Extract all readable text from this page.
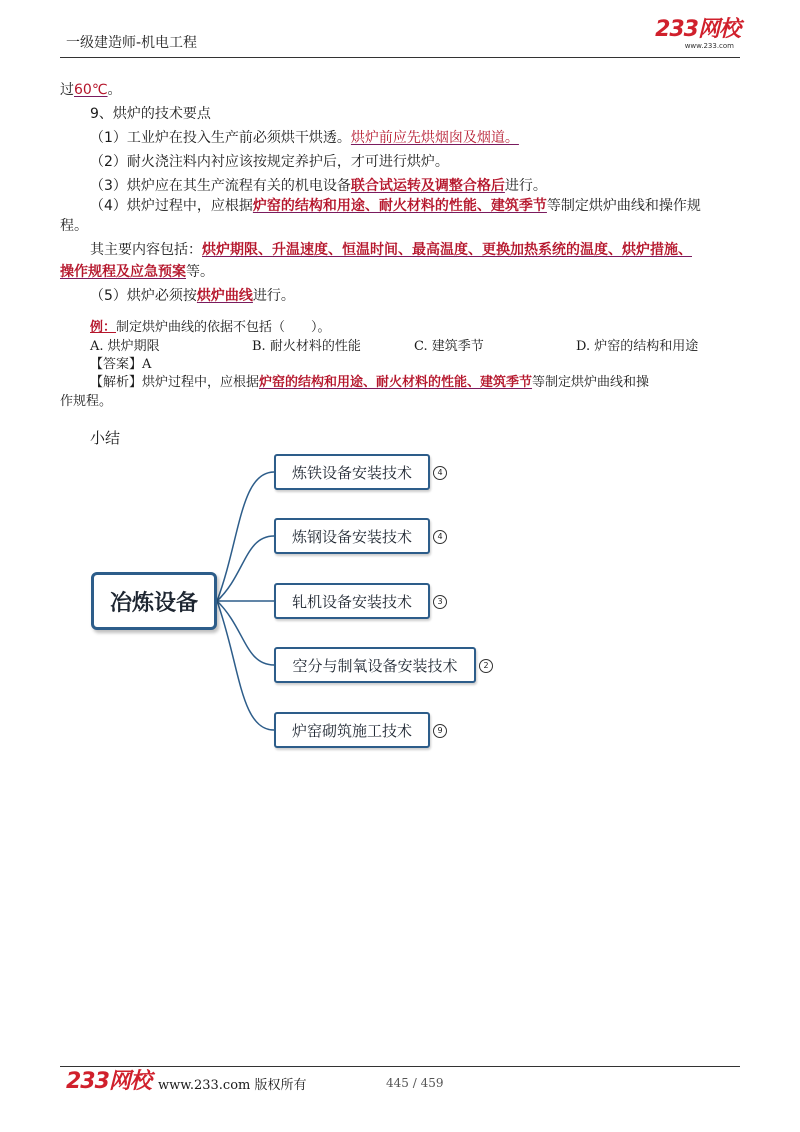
一级建造师-机电工程
233网校
www.233.com
过60℃。
9、烘炉的技术要点
（1）工业炉在投入生产前必须烘干烘透。烘炉前应先烘烟囱及烟道。
（2）耐火浇注料内衬应该按规定养护后，才可进行烘炉。
（3）烘炉应在其生产流程有关的机电设备联合试运转及调整合格后进行。
（4）烘炉过程中，应根据炉窑的结构和用途、耐火材料的性能、建筑季节等制定烘炉曲线和操作规
程。
其主要内容包括：烘炉期限、升温速度、恒温时间、最高温度、更换加热系统的温度、烘炉措施、
操作规程及应急预案等。
（5）烘炉必须按烘炉曲线进行。
例：制定烘炉曲线的依据不包括（　　）。
A. 烘炉期限	B. 耐火材料的性能	C. 建筑季节	D. 炉窑的结构和用途
【答案】A
【解析】烘炉过程中，应根据炉窑的结构和用途、耐火材料的性能、建筑季节等制定烘炉曲线和操
作规程。
小结
冶炼设备
炼铁设备安装技术	4
炼钢设备安装技术	4
轧机设备安装技术	3
空分与制氧设备安装技术	2
炉窑砌筑施工技术	9
233网校 www.233.com 版权所有	445 / 459
